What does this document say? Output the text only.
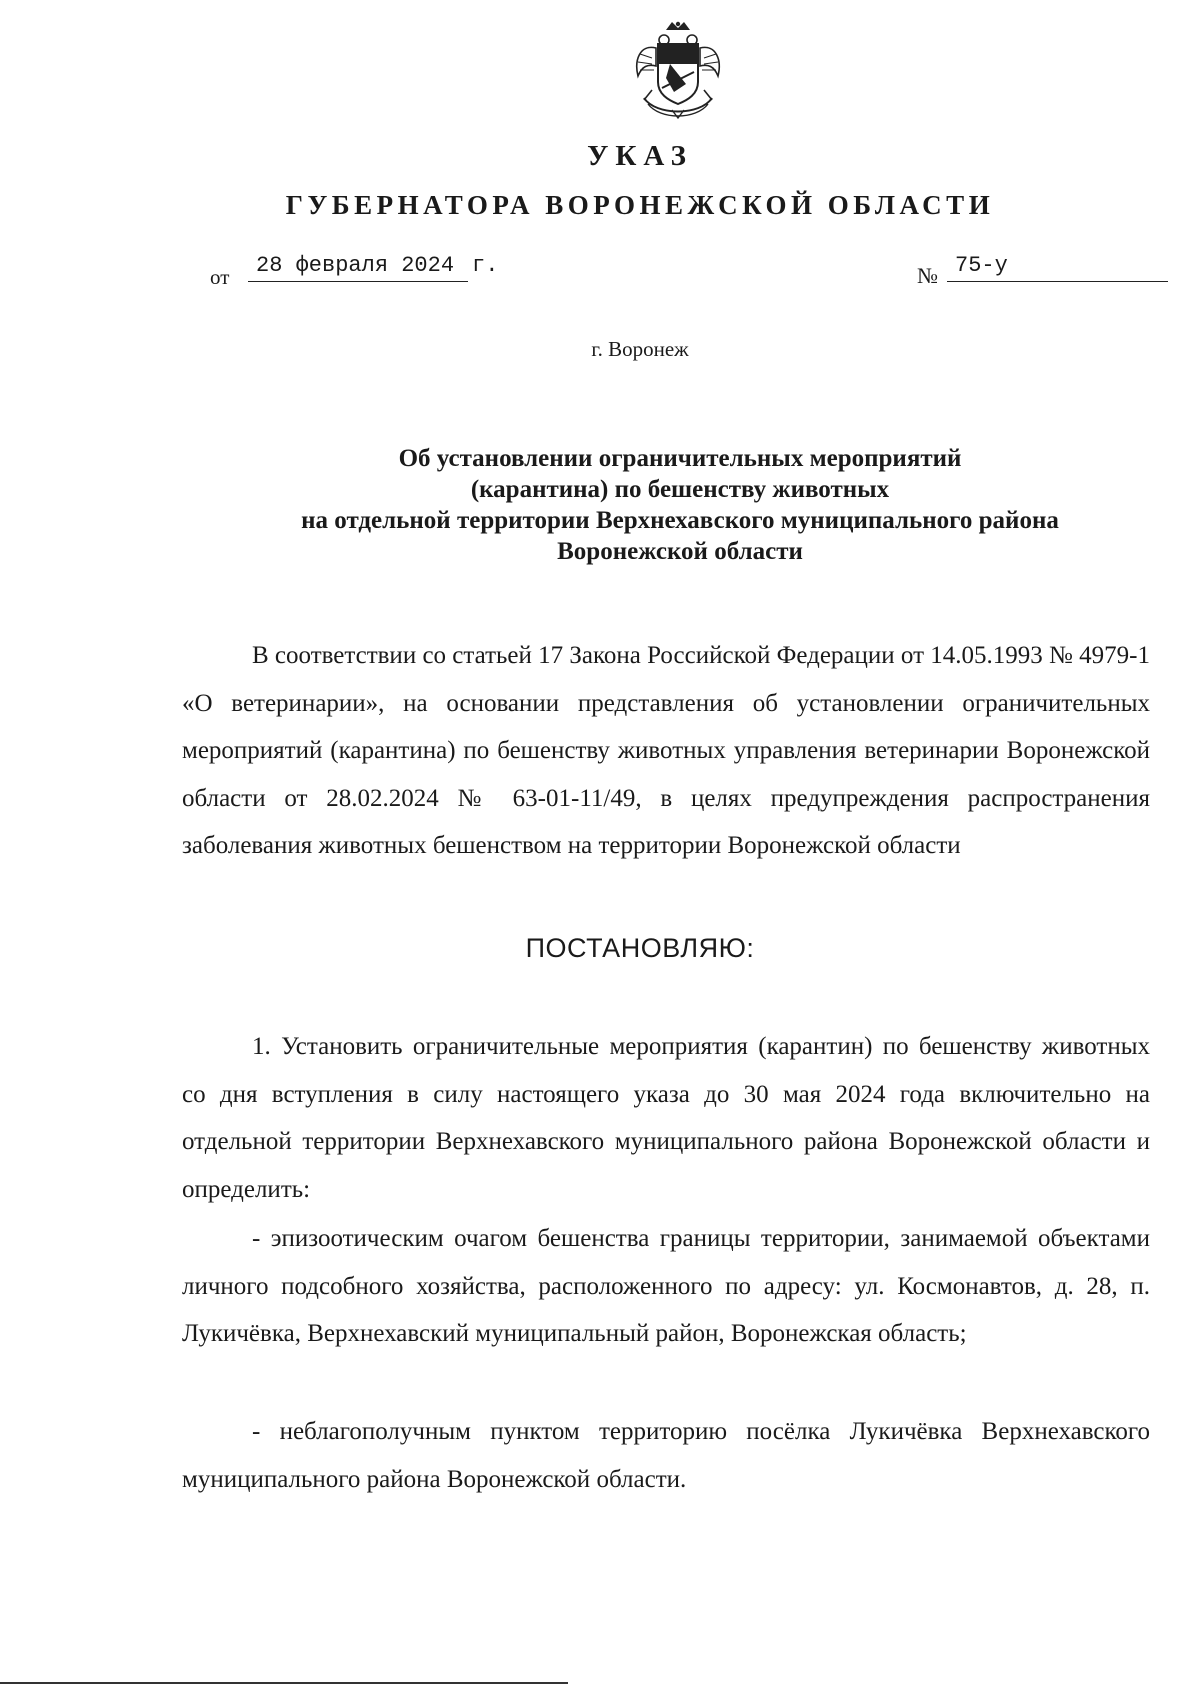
УКАЗ
ГУБЕРНАТОРА ВОРОНЕЖСКОЙ ОБЛАСТИ
от	28 февраля 2024 г.	№ 75-у
г. Воронеж
Об установлении ограничительных мероприятий
(карантина) по бешенству животных
на отдельной территории Верхнехавского муниципального района
Воронежской области

В соответствии со статьей 17 Закона Российской Федерации от 14.05.1993 № 4979-1 «О ветеринарии», на основании представления об установлении ограничительных мероприятий (карантина) по бешенству животных управления ветеринарии Воронежской области от 28.02.2024 № 63-01-11/49, в целях предупреждения распространения заболевания животных бешенством на территории Воронежской области

ПОСТАНОВЛЯЮ:

1. Установить ограничительные мероприятия (карантин) по бешенству животных со дня вступления в силу настоящего указа до 30 мая 2024 года включительно на отдельной территории Верхнехавского муниципального района Воронежской области и определить:

- эпизоотическим очагом бешенства границы территории, занимаемой объектами личного подсобного хозяйства, расположенного по адресу: ул. Космонавтов, д. 28, п. Лукичёвка, Верхнехавский муниципальный район, Воронежская область;

- неблагополучным пунктом территорию посёлка Лукичёвка Верхнехавского муниципального района Воронежской области.
